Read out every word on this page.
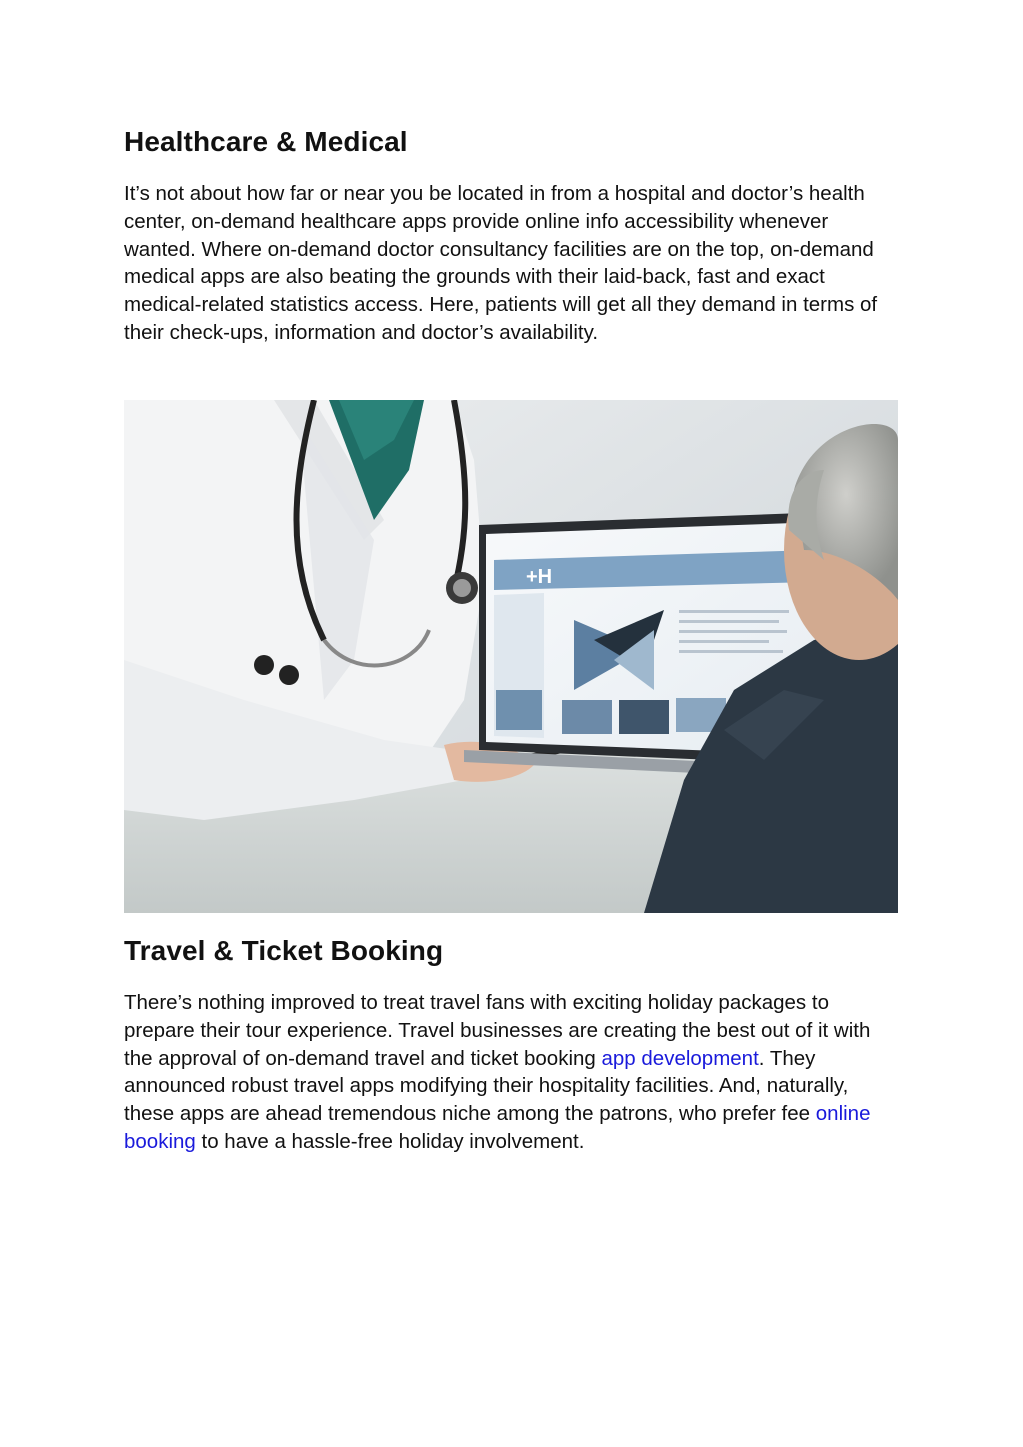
Healthcare & Medical

It’s not about how far or near you be located in from a hospital and doctor’s health center, on-demand healthcare apps provide online info accessibility whenever wanted. Where on-demand doctor consultancy facilities are on the top, on-demand medical apps are also beating the grounds with their laid-back, fast and exact medical-related statistics access. Here, patients will get all they demand in terms of their check-ups, information and doctor’s availability.

+H
Travel & Ticket Booking

There’s nothing improved to treat travel fans with exciting holiday packages to prepare their tour experience. Travel businesses are creating the best out of it with the approval of on-demand travel and ticket booking app development. They announced robust travel apps modifying their hospitality facilities. And, naturally, these apps are ahead tremendous niche among the patrons, who prefer fee online booking to have a hassle-free holiday involvement.
